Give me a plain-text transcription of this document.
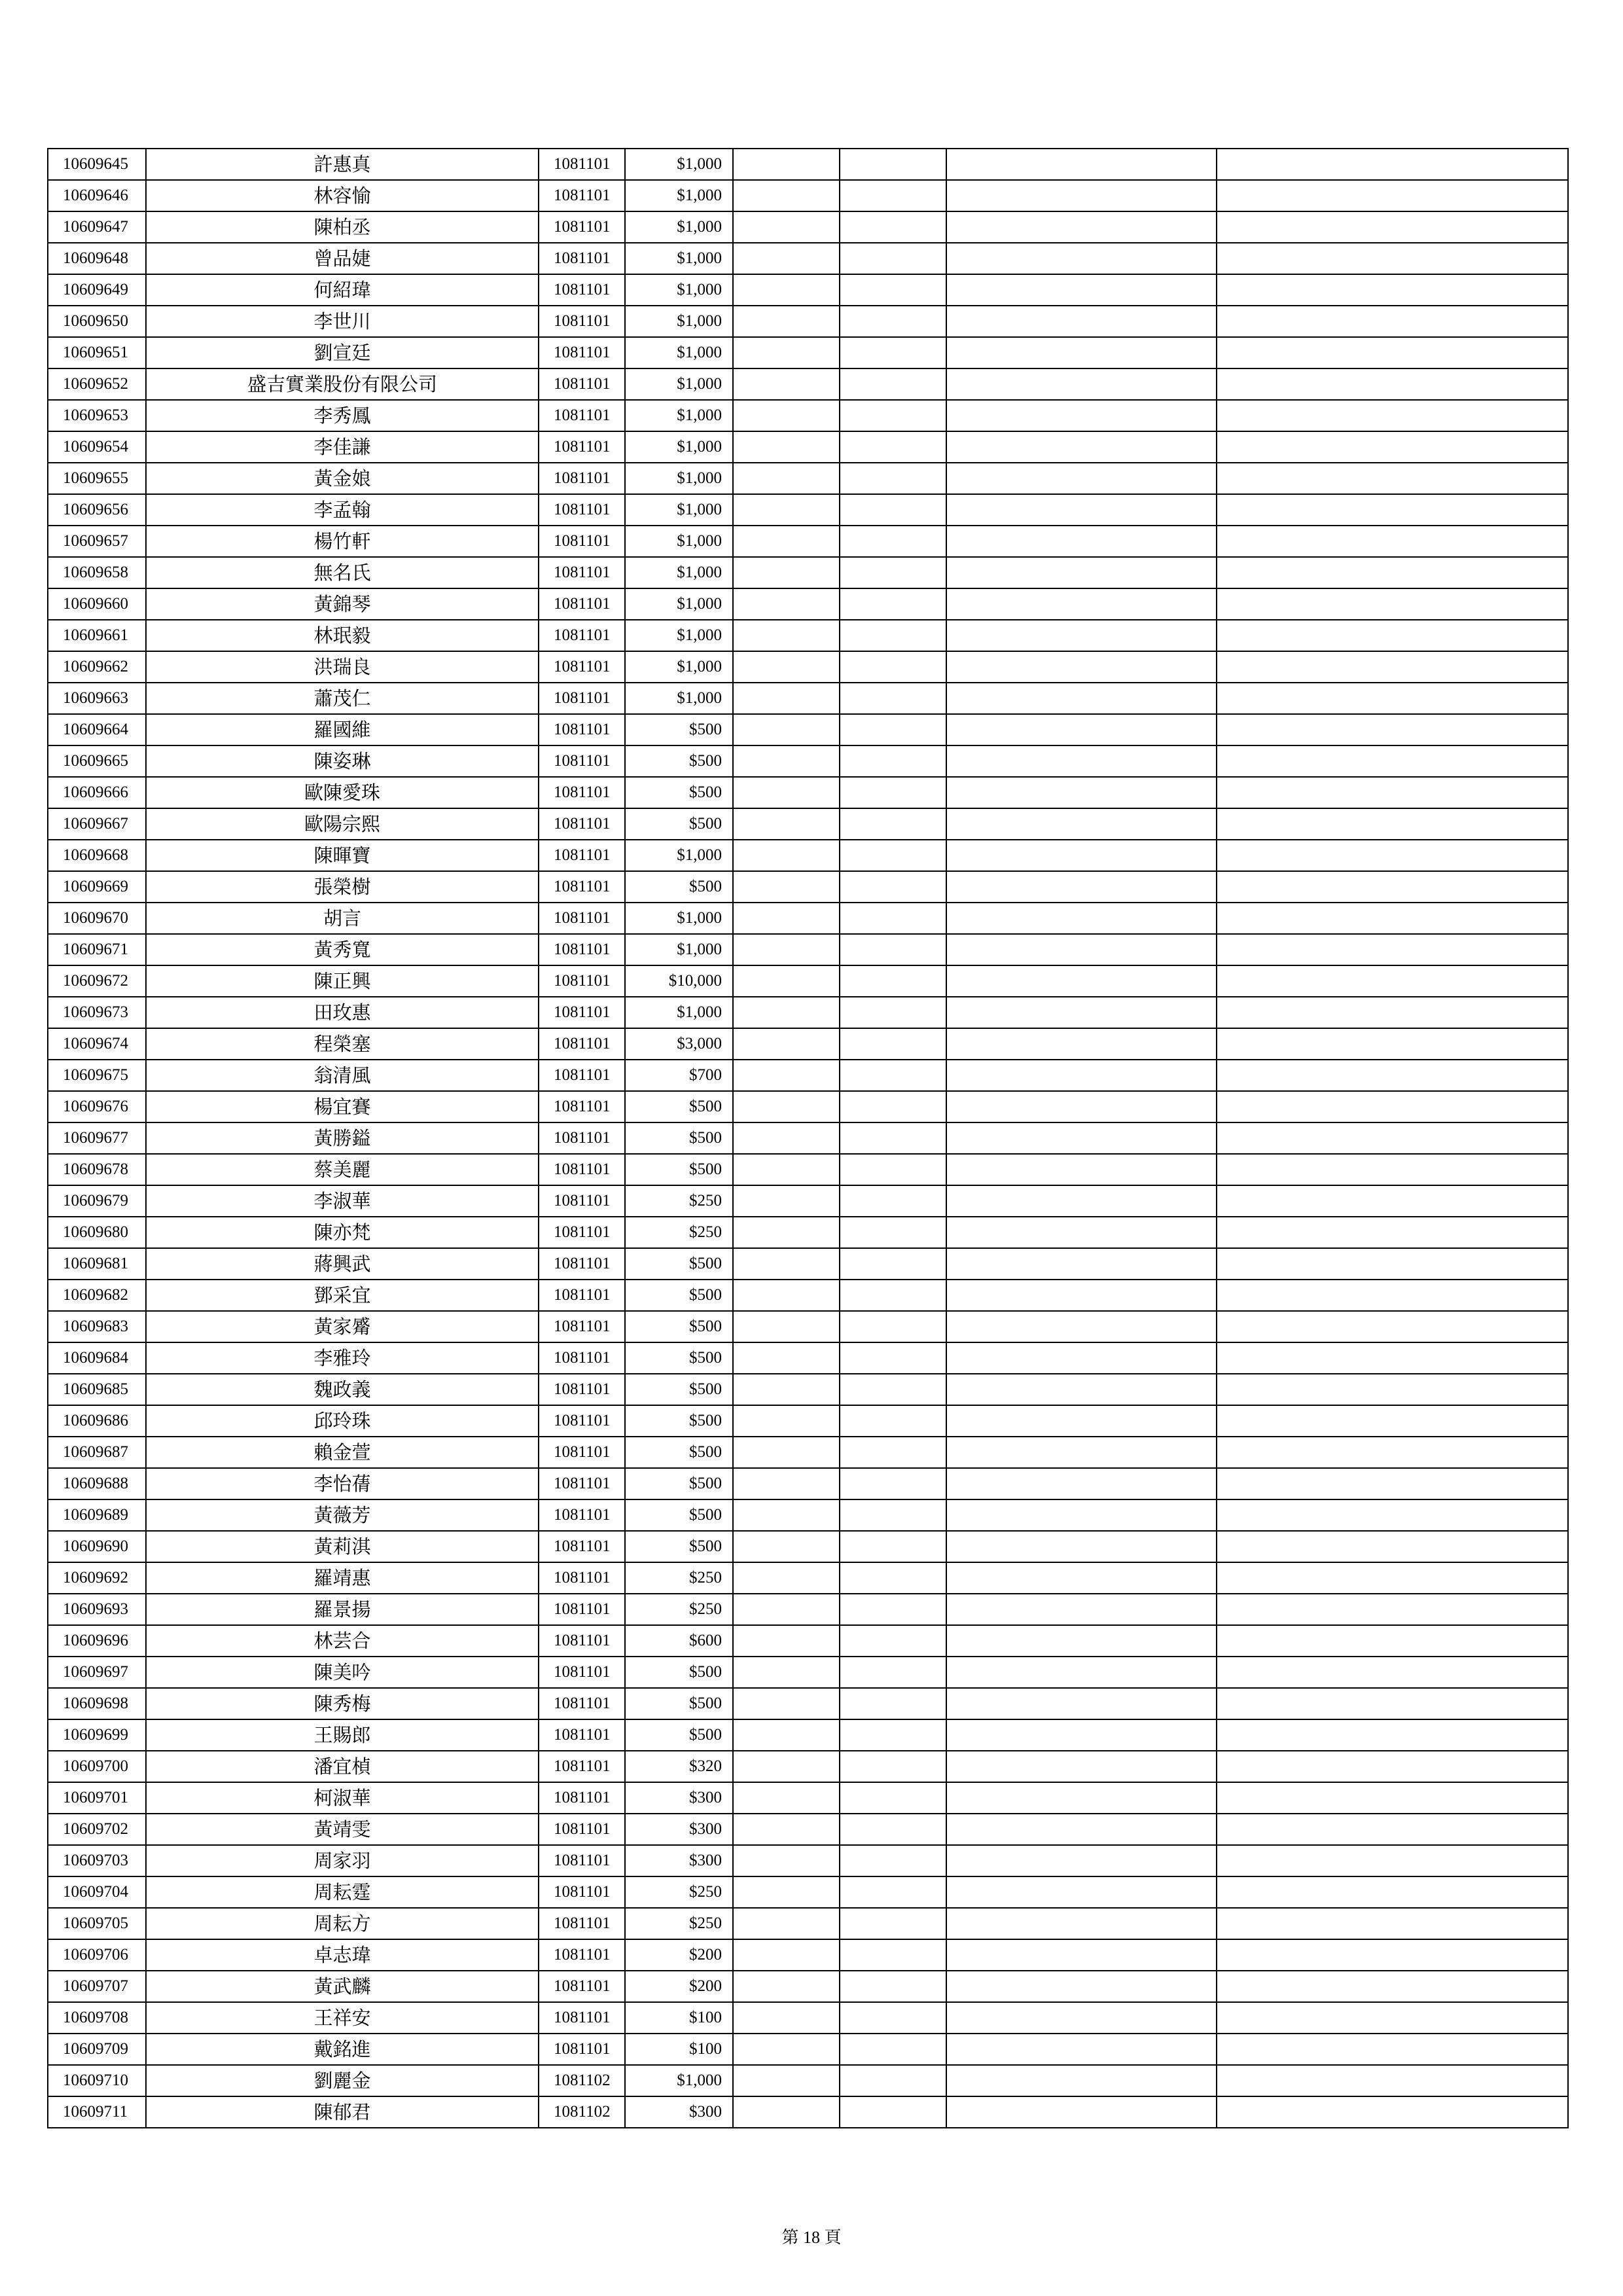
10609645	許惠真	1081101	$1,000				
10609646	林容愉	1081101	$1,000				
10609647	陳柏丞	1081101	$1,000				
10609648	曾品婕	1081101	$1,000				
10609649	何紹瑋	1081101	$1,000				
10609650	李世川	1081101	$1,000				
10609651	劉宣廷	1081101	$1,000				
10609652	盛吉實業股份有限公司	1081101	$1,000				
10609653	李秀鳳	1081101	$1,000				
10609654	李佳謙	1081101	$1,000				
10609655	黃金娘	1081101	$1,000				
10609656	李孟翰	1081101	$1,000				
10609657	楊竹軒	1081101	$1,000				
10609658	無名氏	1081101	$1,000				
10609660	黃錦琴	1081101	$1,000				
10609661	林珉毅	1081101	$1,000				
10609662	洪瑞良	1081101	$1,000				
10609663	蕭茂仁	1081101	$1,000				
10609664	羅國維	1081101	$500				
10609665	陳姿琳	1081101	$500				
10609666	歐陳愛珠	1081101	$500				
10609667	歐陽宗熙	1081101	$500				
10609668	陳暉寶	1081101	$1,000				
10609669	張榮樹	1081101	$500				
10609670	胡言	1081101	$1,000				
10609671	黃秀寬	1081101	$1,000				
10609672	陳正興	1081101	$10,000				
10609673	田玫惠	1081101	$1,000				
10609674	程榮塞	1081101	$3,000				
10609675	翁清風	1081101	$700				
10609676	楊宜賽	1081101	$500				
10609677	黃勝鎰	1081101	$500				
10609678	蔡美麗	1081101	$500				
10609679	李淑華	1081101	$250				
10609680	陳亦梵	1081101	$250				
10609681	蔣興武	1081101	$500				
10609682	鄧采宜	1081101	$500				
10609683	黃家觱	1081101	$500				
10609684	李雅玲	1081101	$500				
10609685	魏政義	1081101	$500				
10609686	邱玲珠	1081101	$500				
10609687	賴金萱	1081101	$500				
10609688	李怡蒨	1081101	$500				
10609689	黃薇芳	1081101	$500				
10609690	黃莉淇	1081101	$500				
10609692	羅靖惠	1081101	$250				
10609693	羅景揚	1081101	$250				
10609696	林芸合	1081101	$600				
10609697	陳美吟	1081101	$500				
10609698	陳秀梅	1081101	$500				
10609699	王賜郎	1081101	$500				
10609700	潘宜楨	1081101	$320				
10609701	柯淑華	1081101	$300				
10609702	黃靖雯	1081101	$300				
10609703	周家羽	1081101	$300				
10609704	周耘霆	1081101	$250				
10609705	周耘方	1081101	$250				
10609706	卓志瑋	1081101	$200				
10609707	黃武麟	1081101	$200				
10609708	王祥安	1081101	$100				
10609709	戴銘進	1081101	$100				
10609710	劉麗金	1081102	$1,000				
10609711	陳郁君	1081102	$300				
第 18 頁
